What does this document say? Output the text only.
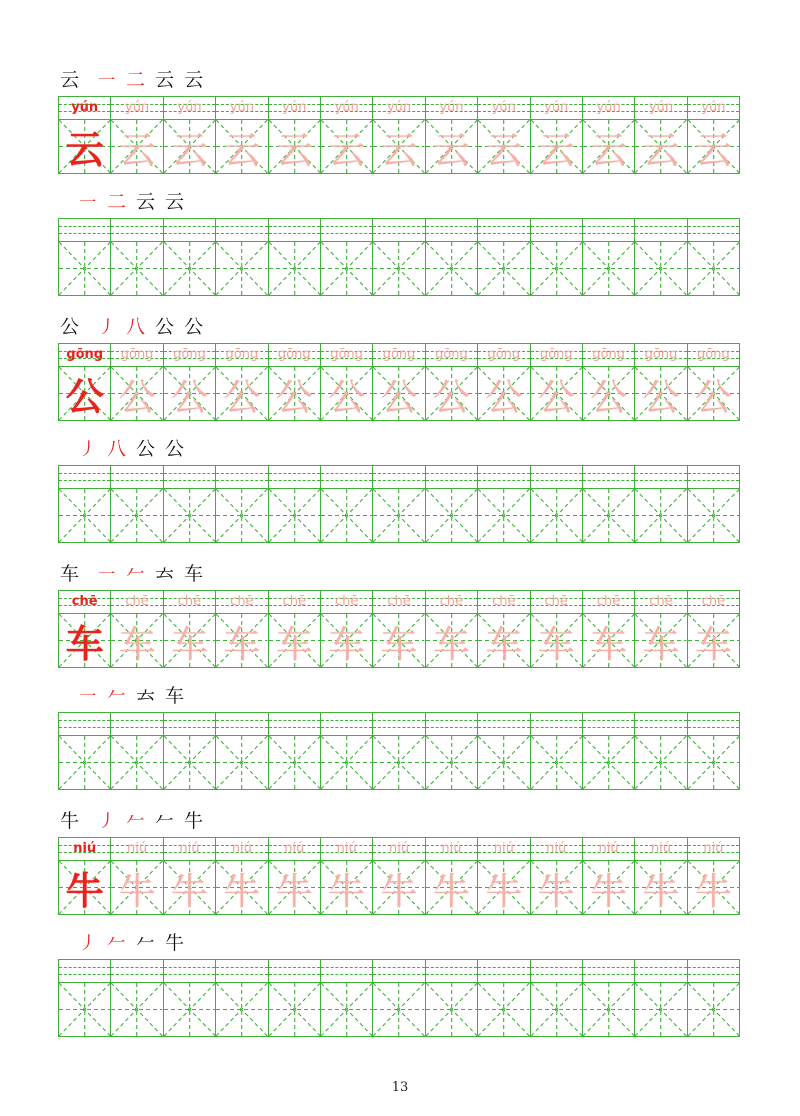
云 ㇐ 二 云 云
yún
云
yún
云
yún
云
yún
云
yún
云
yún
云
yún
云
yún
云
yún
云
yún
云
yún
云
yún
云
yún
云
㇐ 二 云 云
公 ㇓ 八 公 公
gōng
公
gōng
公
gōng
公
gōng
公
gōng
公
gōng
公
gōng
公
gōng
公
gōng
公
gōng
公
gōng
公
gōng
公
gōng
公
㇓ 八 公 公
车 ㇐ 𠂉 𠫓 车
chē
车
chē
车
chē
车
chē
车
chē
车
chē
车
chē
车
chē
车
chē
车
chē
车
chē
车
chē
车
chē
车
㇐ 𠂉 𠫓 车
牛 ㇓ 𠂉 𠂉 牛
niú
牛
niú
牛
niú
牛
niú
牛
niú
牛
niú
牛
niú
牛
niú
牛
niú
牛
niú
牛
niú
牛
niú
牛
niú
牛
㇓ 𠂉 𠂉 牛
13
